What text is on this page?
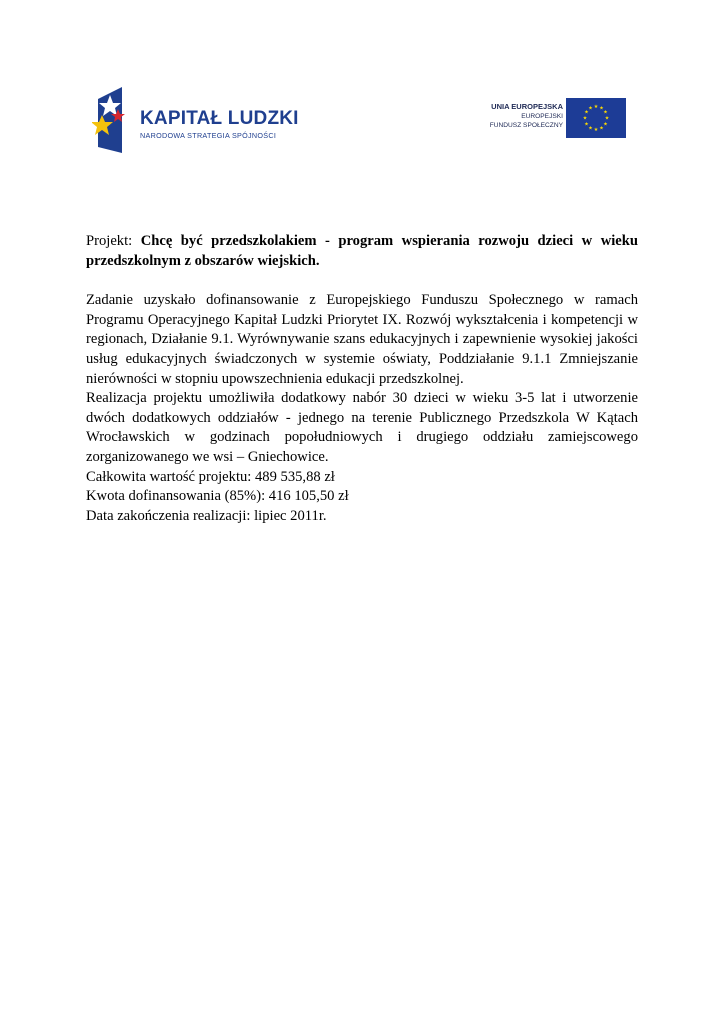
KAPITAŁ LUDZKI
NARODOWA STRATEGIA SPÓJNOŚCI
UNIA EUROPEJSKA
EUROPEJSKI
FUNDUSZ SPOŁECZNY
★ ★
★
★
★
★
★
★
★
★
★
★

Projekt: Chcę być przedszkolakiem - program wspierania rozwoju dzieci w wieku przedszkolnym z obszarów wiejskich.

Zadanie uzyskało dofinansowanie z Europejskiego Funduszu Społecznego w ramach Programu Operacyjnego Kapitał Ludzki Priorytet IX. Rozwój wykształcenia i kompetencji w regionach, Działanie 9.1. Wyrównywanie szans edukacyjnych i zapewnienie wysokiej jakości usług edukacyjnych świadczonych w systemie oświaty, Poddziałanie 9.1.1 Zmniejszanie nierówności w stopniu upowszechnienia edukacji przedszkolnej.

Realizacja projektu umożliwiła dodatkowy nabór 30 dzieci w wieku 3-5 lat i utworzenie dwóch dodatkowych oddziałów - jednego na terenie Publicznego Przedszkola W Kątach Wrocławskich w godzinach popołudniowych i drugiego oddziału zamiejscowego zorganizowanego we wsi – Gniechowice.

Całkowita wartość projektu: 489 535,88 zł

Kwota dofinansowania (85%): 416 105,50 zł

Data zakończenia realizacji: lipiec 2011r.
